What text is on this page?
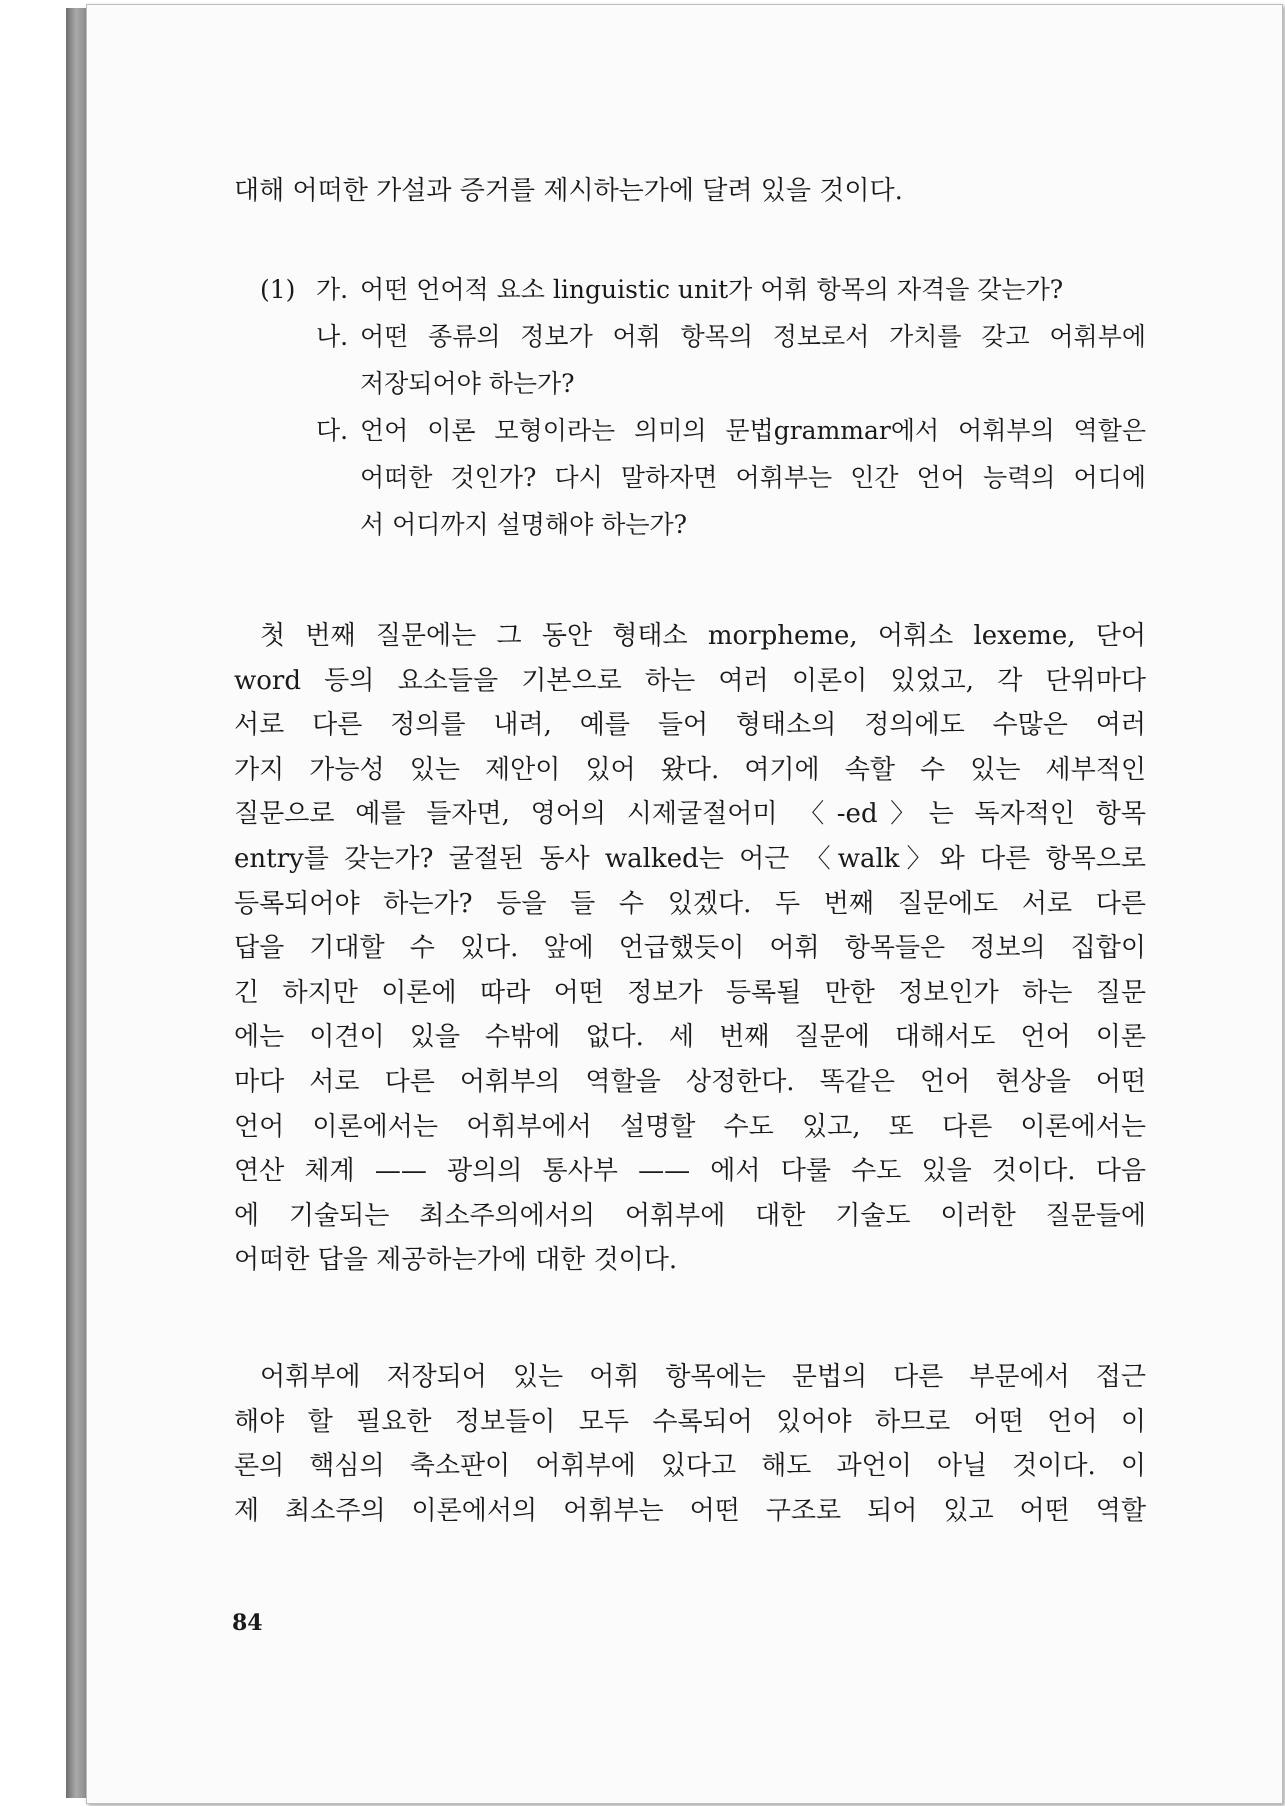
대해 어떠한 가설과 증거를 제시하는가에 달려 있을 것이다.
(1) 가. 어떤 언어적 요소 linguistic unit가 어휘 항목의 자격을 갖는가?
나. 어떤 종류의 정보가 어휘 항목의 정보로서 가치를 갖고 어휘부에
저장되어야 하는가?
다. 언어 이론 모형이라는 의미의 문법grammar에서 어휘부의 역할은
어떠한 것인가? 다시 말하자면 어휘부는 인간 언어 능력의 어디에
서 어디까지 설명해야 하는가?
첫 번째 질문에는 그 동안 형태소 morpheme, 어휘소 lexeme, 단어
word 등의 요소들을 기본으로 하는 여러 이론이 있었고, 각 단위마다
서로 다른 정의를 내려, 예를 들어 형태소의 정의에도 수많은 여러
가지 가능성 있는 제안이 있어 왔다. 여기에 속할 수 있는 세부적인
질문으로 예를 들자면, 영어의 시제굴절어미 〈-ed〉는 독자적인 항목
entry를 갖는가? 굴절된 동사 walked는 어근 〈walk〉와 다른 항목으로
등록되어야 하는가? 등을 들 수 있겠다. 두 번째 질문에도 서로 다른
답을 기대할 수 있다. 앞에 언급했듯이 어휘 항목들은 정보의 집합이
긴 하지만 이론에 따라 어떤 정보가 등록될 만한 정보인가 하는 질문
에는 이견이 있을 수밖에 없다. 세 번째 질문에 대해서도 언어 이론
마다 서로 다른 어휘부의 역할을 상정한다. 똑같은 언어 현상을 어떤
언어 이론에서는 어휘부에서 설명할 수도 있고, 또 다른 이론에서는
연산 체계 —— 광의의 통사부 —— 에서 다룰 수도 있을 것이다. 다음
에 기술되는 최소주의에서의 어휘부에 대한 기술도 이러한 질문들에
어떠한 답을 제공하는가에 대한 것이다.
어휘부에 저장되어 있는 어휘 항목에는 문법의 다른 부문에서 접근
해야 할 필요한 정보들이 모두 수록되어 있어야 하므로 어떤 언어 이
론의 핵심의 축소판이 어휘부에 있다고 해도 과언이 아닐 것이다. 이
제 최소주의 이론에서의 어휘부는 어떤 구조로 되어 있고 어떤 역할
84
